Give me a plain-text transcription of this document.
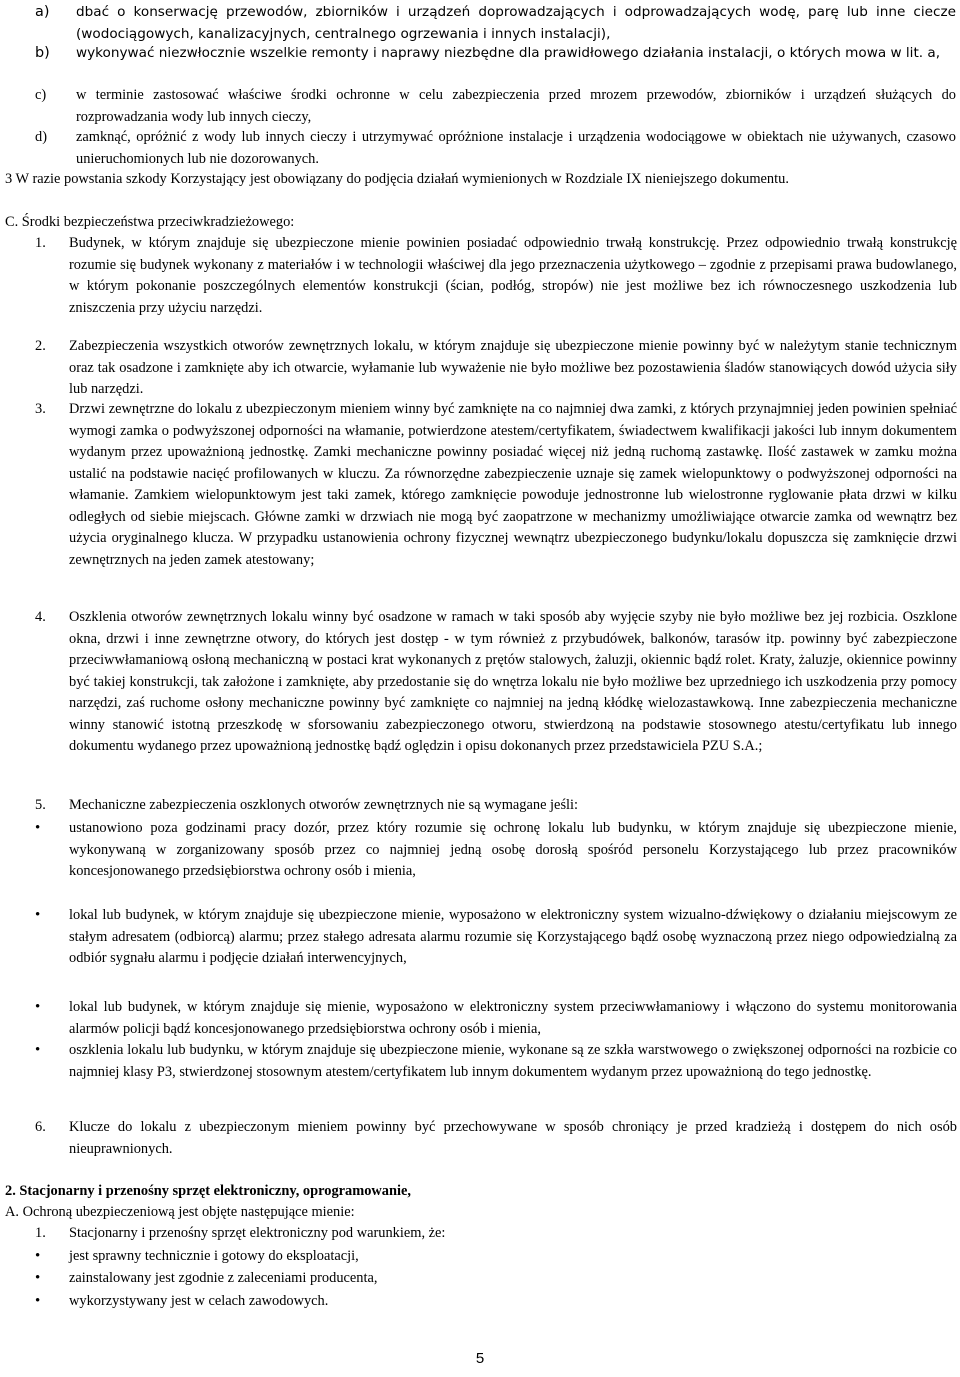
a) dbać o konserwację przewodów, zbiorników i urządzeń doprowadzających i odprowadzających wodę, parę lub inne ciecze (wodociągowych, kanalizacyjnych, centralnego ogrzewania i innych instalacji),
b) wykonywać niezwłocznie wszelkie remonty i naprawy niezbędne dla prawidłowego działania instalacji, o których mowa w lit. a,
c) w terminie zastosować właściwe środki ochronne w celu zabezpieczenia przed mrozem przewodów, zbiorników i urządzeń służących do rozprowadzania wody lub innych cieczy,
d) zamknąć, opróżnić z wody lub innych cieczy i utrzymywać opróżnione instalacje i urządzenia wodociągowe w obiektach nie używanych, czasowo unieruchomionych lub nie dozorowanych.
3 W razie powstania szkody Korzystający jest obowiązany do podjęcia działań wymienionych w Rozdziale IX nieniejszego dokumentu.
C. Środki bezpieczeństwa przeciwkradzieżowego:
1. Budynek, w którym znajduje się ubezpieczone mienie powinien posiadać odpowiednio trwałą konstrukcję. Przez odpowiednio trwałą konstrukcję rozumie się budynek wykonany z materiałów i w technologii właściwej dla jego przeznaczenia użytkowego – zgodnie z przepisami prawa budowlanego, w którym pokonanie poszczególnych elementów konstrukcji (ścian, podłóg, stropów) nie jest możliwe bez ich równoczesnego uszkodzenia lub zniszczenia przy użyciu narzędzi.
2. Zabezpieczenia wszystkich otworów zewnętrznych lokalu, w którym znajduje się ubezpieczone mienie powinny być w należytym stanie technicznym oraz tak osadzone i zamknięte aby ich otwarcie, wyłamanie lub wyważenie nie było możliwe bez pozostawienia śladów stanowiących dowód użycia siły lub narzędzi.
3. Drzwi zewnętrzne do lokalu z ubezpieczonym mieniem winny być zamknięte na co najmniej dwa zamki, z których przynajmniej jeden powinien spełniać wymogi zamka o podwyższonej odporności na włamanie, potwierdzone atestem/certyfikatem, świadectwem kwalifikacji jakości lub innym dokumentem wydanym przez upoważnioną jednostkę. Zamki mechaniczne powinny posiadać więcej niż jedną ruchomą zastawkę. Ilość zastawek w zamku można ustalić na podstawie nacięć profilowanych w kluczu. Za równorzędne zabezpieczenie uznaje się zamek wielopunktowy o podwyższonej odporności na włamanie. Zamkiem wielopunktowym jest taki zamek, którego zamknięcie powoduje jednostronne lub wielostronne ryglowanie płata drzwi w kilku odległych od siebie miejscach. Główne zamki w drzwiach nie mogą być zaopatrzone w mechanizmy umożliwiające otwarcie zamka od wewnątrz bez użycia oryginalnego klucza. W przypadku ustanowienia ochrony fizycznej wewnątrz ubezpieczonego budynku/lokalu dopuszcza się zamknięcie drzwi zewnętrznych na jeden zamek atestowany;
4. Oszklenia otworów zewnętrznych lokalu winny być osadzone w ramach w taki sposób aby wyjęcie szyby nie było możliwe bez jej rozbicia. Oszklone okna, drzwi i inne zewnętrzne otwory, do których jest dostęp - w tym również z przybudówek, balkonów, tarasów itp. powinny być zabezpieczone przeciwwłamaniową osłoną mechaniczną w postaci krat wykonanych z prętów stalowych, żaluzji, okiennic bądź rolet. Kraty, żaluzje, okiennice powinny być takiej konstrukcji, tak założone i zamknięte, aby przedostanie się do wnętrza lokalu nie było możliwe bez uprzedniego ich uszkodzenia przy pomocy narzędzi, zaś ruchome osłony mechaniczne powinny być zamknięte co najmniej na jedną kłódkę wielozastawkową. Inne zabezpieczenia mechaniczne winny stanowić istotną przeszkodę w sforsowaniu zabezpieczonego otworu, stwierdzoną na podstawie stosownego atestu/certyfikatu lub innego dokumentu wydanego przez upoważnioną jednostkę bądź oględzin i opisu dokonanych przez przedstawiciela PZU S.A.;
5. Mechaniczne zabezpieczenia oszklonych otworów zewnętrznych nie są wymagane jeśli:
• ustanowiono poza godzinami pracy dozór, przez który rozumie się ochronę lokalu lub budynku, w którym znajduje się ubezpieczone mienie, wykonywaną w zorganizowany sposób przez co najmniej jedną osobę dorosłą spośród personelu Korzystającego lub przez pracowników koncesjonowanego przedsiębiorstwa ochrony osób i mienia,
• lokal lub budynek, w którym znajduje się ubezpieczone mienie, wyposażono w elektroniczny system wizualno-dźwiękowy o działaniu miejscowym ze stałym adresatem (odbiorcą) alarmu; przez stałego adresata alarmu rozumie się Korzystającego bądź osobę wyznaczoną przez niego odpowiedzialną za odbiór sygnału alarmu i podjęcie działań interwencyjnych,
• lokal lub budynek, w którym znajduje się mienie, wyposażono w elektroniczny system przeciwwłamaniowy i włączono do systemu monitorowania alarmów policji bądź koncesjonowanego przedsiębiorstwa ochrony osób i mienia,
• oszklenia lokalu lub budynku, w którym znajduje się ubezpieczone mienie, wykonane są ze szkła warstwowego o zwiększonej odporności na rozbicie co najmniej klasy P3, stwierdzonej stosownym atestem/certyfikatem lub innym dokumentem wydanym przez upoważnioną do tego jednostkę.
6. Klucze do lokalu z ubezpieczonym mieniem powinny być przechowywane w sposób chroniący je przed kradzieżą i dostępem do nich osób nieuprawnionych.
2. Stacjonarny i przenośny sprzęt elektroniczny, oprogramowanie,
A. Ochroną ubezpieczeniową jest objęte następujące mienie:
1. Stacjonarny i przenośny sprzęt elektroniczny pod warunkiem, że:
• jest sprawny technicznie i gotowy do eksploatacji,
• zainstalowany jest zgodnie z zaleceniami producenta,
• wykorzystywany jest w celach zawodowych.
5
